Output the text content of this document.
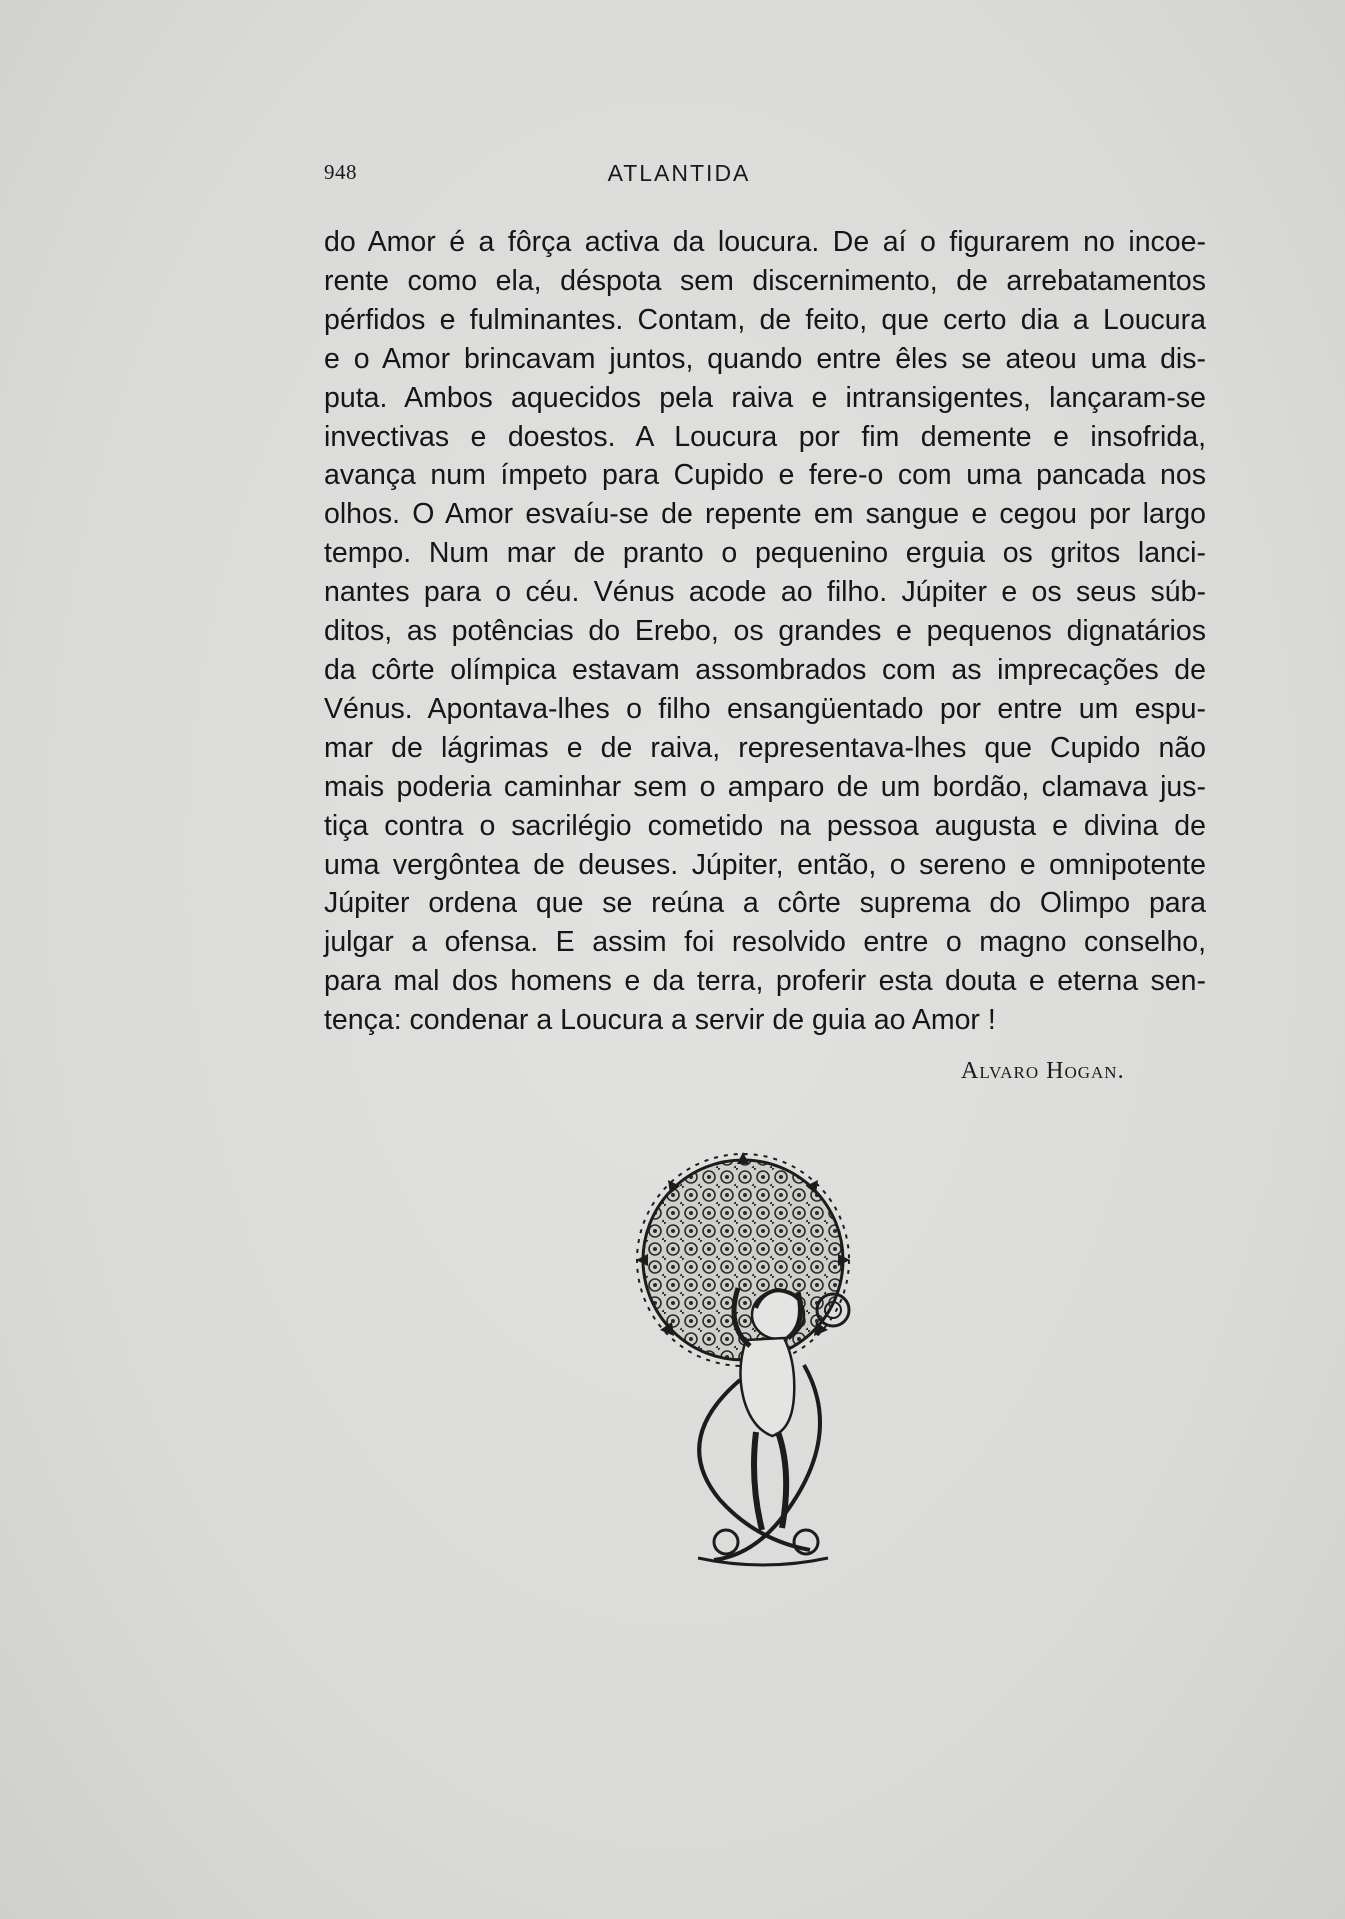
948	ATLANTIDA
do Amor é a fôrça activa da loucura. De aí o figurarem no incoe-
rente como ela, déspota sem discernimento, de arrebatamentos
pérfidos e fulminantes. Contam, de feito, que certo dia a Loucura
e o Amor brincavam juntos, quando entre êles se ateou uma dis-
puta. Ambos aquecidos pela raiva e intransigentes, lançaram-se
invectivas e doestos. A Loucura por fim demente e insofrida,
avança num ímpeto para Cupido e fere-o com uma pancada nos
olhos. O Amor esvaíu-se de repente em sangue e cegou por largo
tempo. Num mar de pranto o pequenino erguia os gritos lanci-
nantes para o céu. Vénus acode ao filho. Júpiter e os seus súb-
ditos, as potências do Erebo, os grandes e pequenos dignatários
da côrte olímpica estavam assombrados com as imprecações de
Vénus. Apontava-lhes o filho ensangüentado por entre um espu-
mar de lágrimas e de raiva, representava-lhes que Cupido não
mais poderia caminhar sem o amparo de um bordão, clamava jus-
tiça contra o sacrilégio cometido na pessoa augusta e divina de
uma vergôntea de deuses. Júpiter, então, o sereno e omnipotente
Júpiter ordena que se reúna a côrte suprema do Olimpo para
julgar a ofensa. E assim foi resolvido entre o magno conselho,
para mal dos homens e da terra, proferir esta douta e eterna sen-
tença: condenar a Loucura a servir de guia ao Amor !
Alvaro Hogan.
